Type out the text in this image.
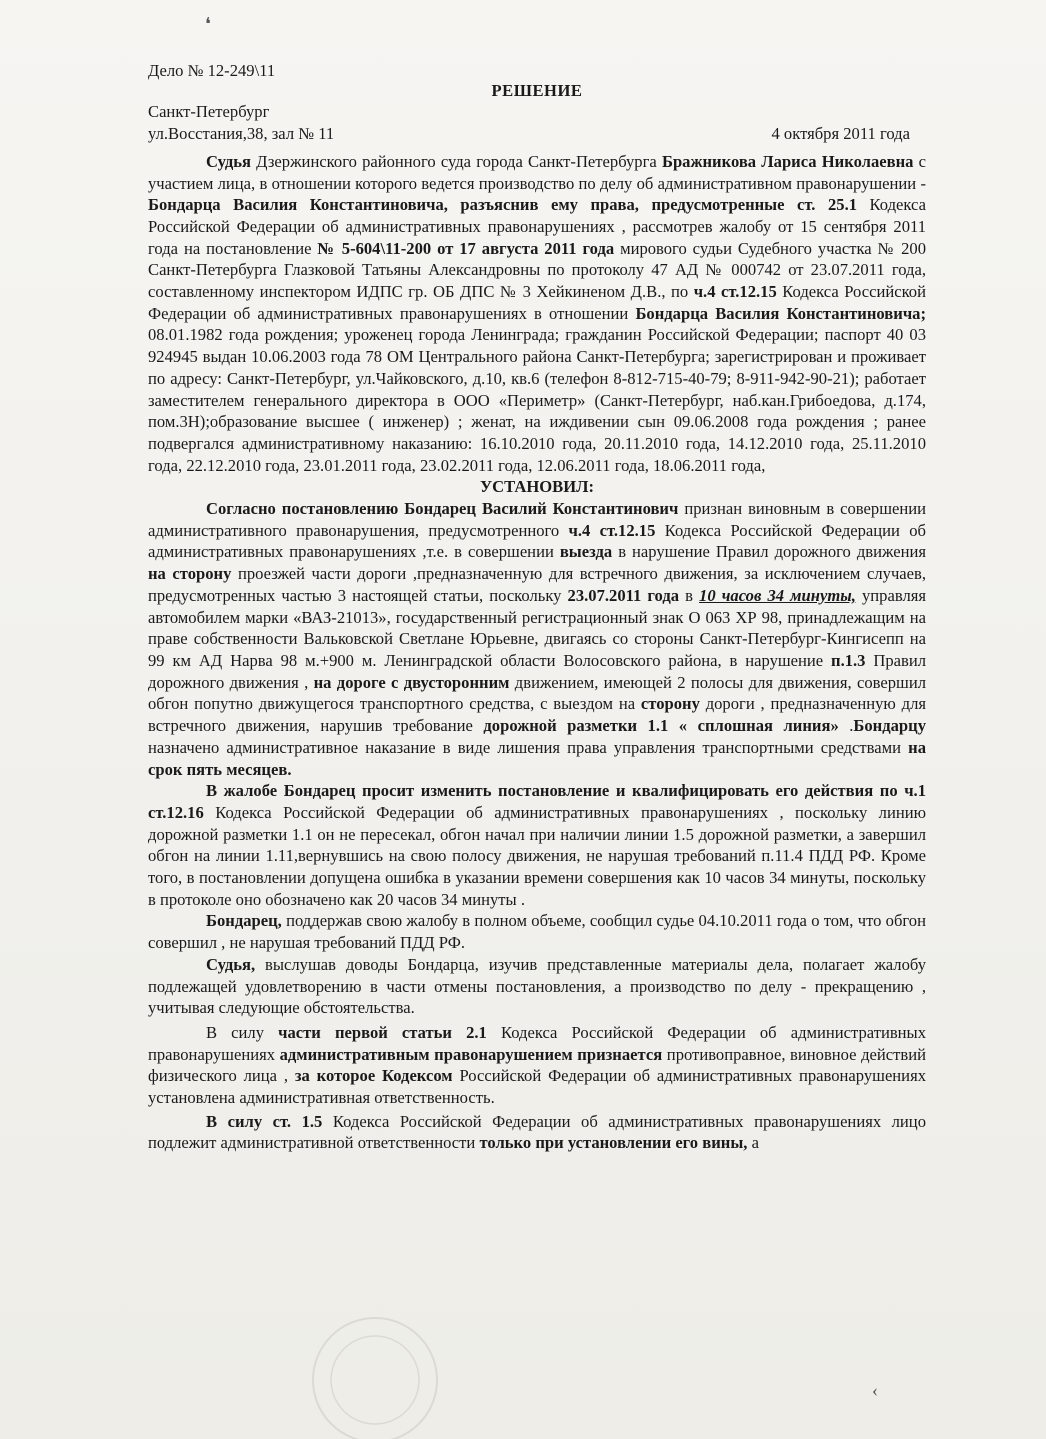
❛
Дело № 12-249\11
РЕШЕНИЕ
Санкт-Петербург
ул.Восстания,38, зал № 11	4 октября 2011 года

Судья Дзержинского районного суда города Санкт-Петербурга Бражникова Лариса Николаевна с участием лица, в отношении которого ведется производство по делу об административном правонарушении - Бондарца Василия Константиновича, разъяснив ему права, предусмотренные ст. 25.1 Кодекса Российской Федерации об административных правонарушениях , рассмотрев жалобу от 15 сентября 2011 года на постановление № 5-604\11-200 от 17 августа 2011 года мирового судьи Судебного участка № 200 Санкт-Петербурга Глазковой Татьяны Александровны по протоколу 47 АД № 000742 от 23.07.2011 года, составленному инспектором ИДПС гр. ОБ ДПС № 3 Хейкиненом Д.В., по ч.4 ст.12.15 Кодекса Российской Федерации об административных правонарушениях в отношении Бондарца Василия Константиновича; 08.01.1982 года рождения; уроженец города Ленинграда; гражданин Российской Федерации; паспорт 40 03 924945 выдан 10.06.2003 года 78 ОМ Центрального района Санкт-Петербурга; зарегистрирован и проживает по адресу: Санкт-Петербург, ул.Чайковского, д.10, кв.6 (телефон 8-812-715-40-79; 8-911-942-90-21); работает заместителем генерального директора в ООО «Периметр» (Санкт-Петербург, наб.кан.Грибоедова, д.174, пом.3Н);образование высшее ( инженер) ; женат, на иждивении сын 09.06.2008 года рождения ; ранее подвергался административному наказанию: 16.10.2010 года, 20.11.2010 года, 14.12.2010 года, 25.11.2010 года, 22.12.2010 года, 23.01.2011 года, 23.02.2011 года, 12.06.2011 года, 18.06.2011 года,

УСТАНОВИЛ:

Согласно постановлению Бондарец Василий Константинович признан виновным в совершении административного правонарушения, предусмотренного ч.4 ст.12.15 Кодекса Российской Федерации об административных правонарушениях ,т.е. в совершении выезда в нарушение Правил дорожного движения на сторону проезжей части дороги ,предназначенную для встречного движения, за исключением случаев, предусмотренных частью 3 настоящей статьи, поскольку 23.07.2011 года в 10 часов 34 минуты, управляя автомобилем марки «ВАЗ-21013», государственный регистрационный знак О 063 ХР 98, принадлежащим на праве собственности Вальковской Светлане Юрьевне, двигаясь со стороны Санкт-Петербург-Кингисепп на 99 км АД Нарва 98 м.+900 м. Ленинградской области Волосовского района, в нарушение п.1.3 Правил дорожного движения , на дороге с двусторонним движением, имеющей 2 полосы для движения, совершил обгон попутно движущегося транспортного средства, с выездом на сторону дороги , предназначенную для встречного движения, нарушив требование дорожной разметки 1.1 « сплошная линия» .Бондарцу назначено административное наказание в виде лишения права управления транспортными средствами на срок пять месяцев.

В жалобе Бондарец просит изменить постановление и квалифицировать его действия по ч.1 ст.12.16 Кодекса Российской Федерации об административных правонарушениях , поскольку линию дорожной разметки 1.1 он не пересекал, обгон начал при наличии линии 1.5 дорожной разметки, а завершил обгон на линии 1.11,вернувшись на свою полосу движения, не нарушая требований п.11.4 ПДД РФ. Кроме того, в постановлении допущена ошибка в указании времени совершения как 10 часов 34 минуты, поскольку в протоколе оно обозначено как 20 часов 34 минуты .

Бондарец, поддержав свою жалобу в полном объеме, сообщил судье 04.10.2011 года о том, что обгон совершил , не нарушая требований ПДД РФ.

Судья, выслушав доводы Бондарца, изучив представленные материалы дела, полагает жалобу подлежащей удовлетворению в части отмены постановления, а производство по делу - прекращению , учитывая следующие обстоятельства.

В силу части первой статьи 2.1 Кодекса Российской Федерации об административных правонарушениях административным правонарушением признается противоправное, виновное действий физического лица , за которое Кодексом Российской Федерации об административных правонарушениях установлена административная ответственность.

В силу ст. 1.5 Кодекса Российской Федерации об административных правонарушениях лицо подлежит административной ответственности только при установлении его вины, а

‹
